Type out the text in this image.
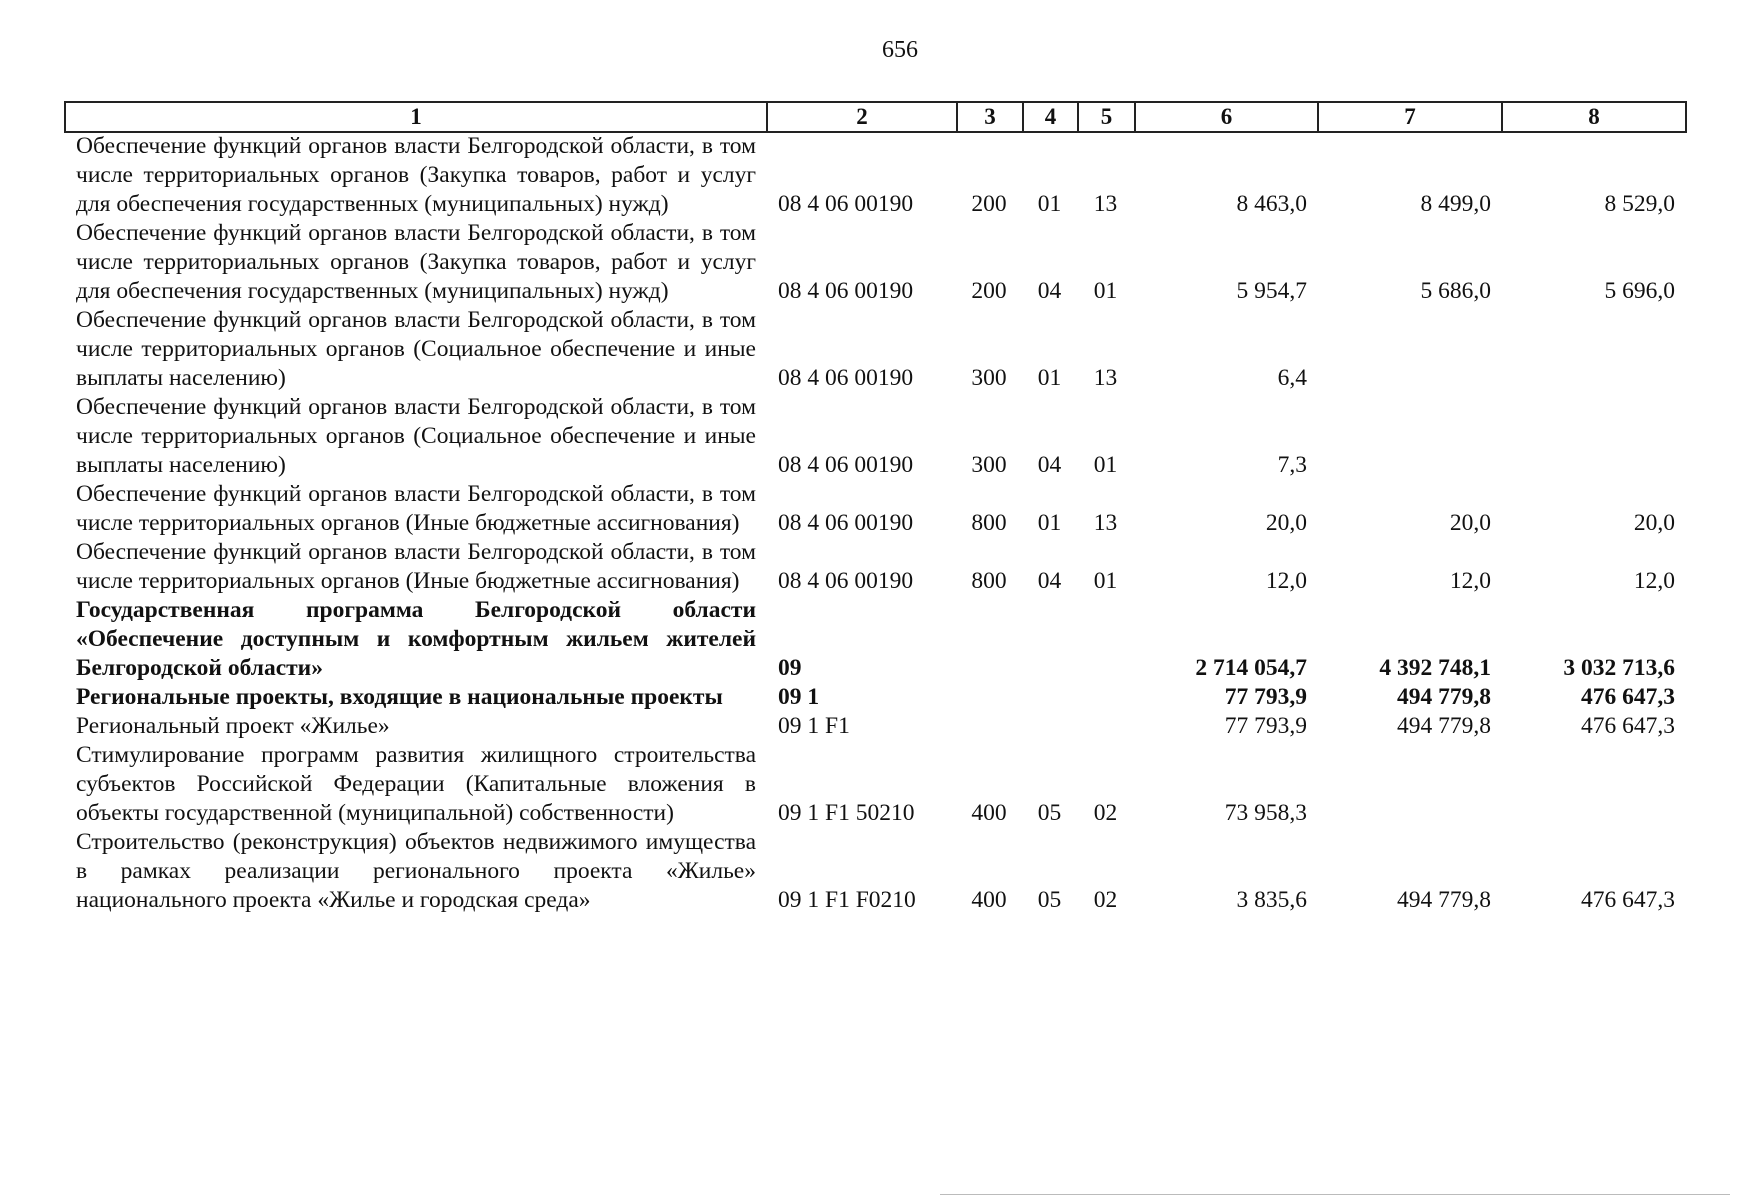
656
1	2	3	4	5	6	7	8
Обеспечение функций органов власти Белгородской области, в том числе территориальных органов (Закупка товаров, работ и услуг для обеспечения государственных (муниципальных) нужд)	08 4 06 00190	200	01	13	8 463,0	8 499,0	8 529,0
Обеспечение функций органов власти Белгородской области, в том числе территориальных органов (Закупка товаров, работ и услуг для обеспечения государственных (муниципальных) нужд)	08 4 06 00190	200	04	01	5 954,7	5 686,0	5 696,0
Обеспечение функций органов власти Белгородской области, в том числе территориальных органов (Социальное обеспечение и иные выплаты населению)	08 4 06 00190	300	01	13	6,4		
Обеспечение функций органов власти Белгородской области, в том числе территориальных органов (Социальное обеспечение и иные выплаты населению)	08 4 06 00190	300	04	01	7,3		
Обеспечение функций органов власти Белгородской области, в том числе территориальных органов (Иные бюджетные ассигнования)	08 4 06 00190	800	01	13	20,0	20,0	20,0
Обеспечение функций органов власти Белгородской области, в том числе территориальных органов (Иные бюджетные ассигнования)	08 4 06 00190	800	04	01	12,0	12,0	12,0
Государственная программа Белгородской области «Обеспечение доступным и комфортным жильем жителей Белгородской области»	09				2 714 054,7	4 392 748,1	3 032 713,6
Региональные проекты, входящие в национальные проекты	09 1				77 793,9	494 779,8	476 647,3
Региональный проект «Жилье»	09 1 F1				77 793,9	494 779,8	476 647,3
Стимулирование программ развития жилищного строительства субъектов Российской Федерации (Капитальные вложения в объекты государственной (муниципальной) собственности)	09 1 F1 50210	400	05	02	73 958,3		
Строительство (реконструкция) объектов недвижимого имущества в рамках реализации регионального проекта «Жилье» национального проекта «Жилье и городская среда»	09 1 F1 F0210	400	05	02	3 835,6	494 779,8	476 647,3
